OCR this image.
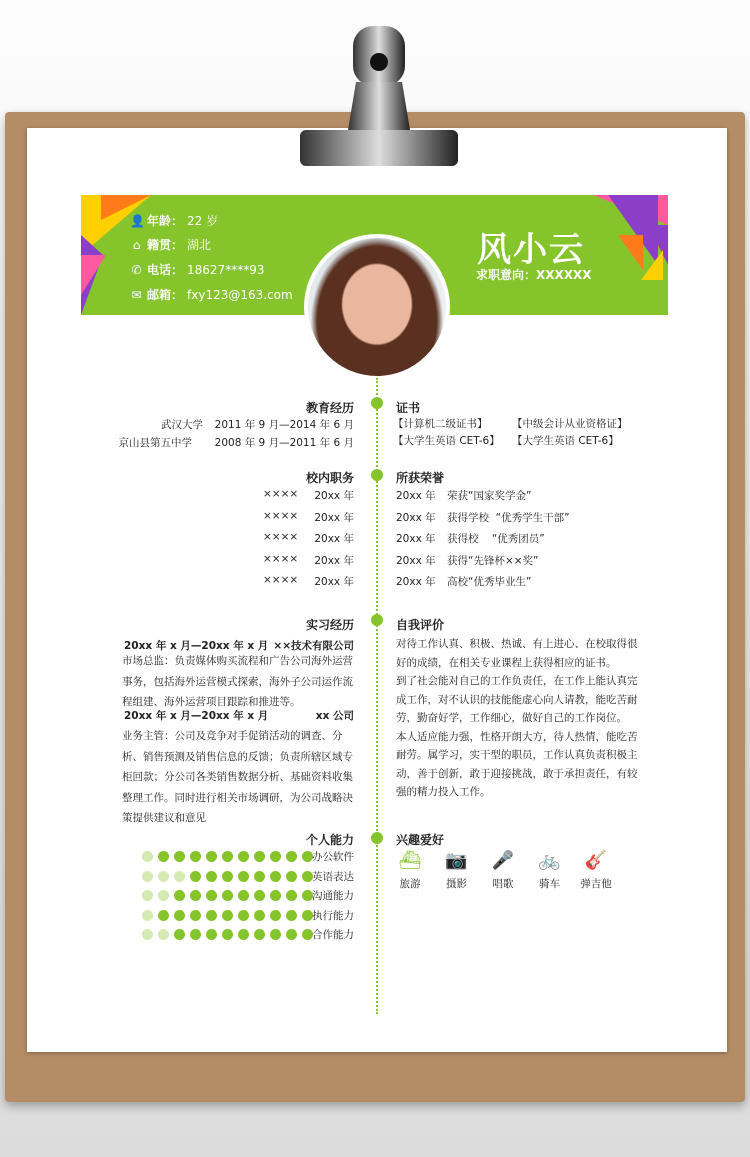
👤 年龄： 22 岁
⌂ 籍贯： 湖北
✆ 电话： 18627****93
✉ 邮箱： fxy123@163.com
风小云
求职意向：XXXXXX
教育经历
武汉大学 2011 年 9 月—2014 年 6 月
京山县第五中学 2008 年 9 月—2011 年 6 月
校内职务
证书
【计算机二级证书】 【中级会计从业资格证】
【大学生英语 CET-6】 【大学生英语 CET-6】
所获荣誉
实习经历
20xx 年 x 月—20xx 年 x 月 ××技术有限公司
市场总监：负责媒体购买流程和广告公司海外运营事务，包括海外运营模式探索，海外子公司运作流程组建、海外运营项目跟踪和推进等。
20xx 年 x 月—20xx 年 x 月	xx 公司
业务主管：公司及竞争对手促销活动的调查、分析、销售预测及销售信息的反馈；负责所辖区域专柜回款；分公司各类销售数据分析、基础资料收集整理工作。同时进行相关市场调研，为公司战略决策提供建议和意见
自我评价

对待工作认真、积极、热诚、有上进心、在校取得很好的成绩，在相关专业课程上获得相应的证书。

到了社会能对自己的工作负责任，在工作上能认真完成工作，对不认识的技能能虚心向人请教，能吃苦耐劳，勤奋好学，工作细心，做好自己的工作岗位。

本人适应能力强，性格开朗大方，待人热情，能吃苦耐劳。属学习，实干型的职员，工作认真负责积极主动，善于创新，敢于迎接挑战，敢于承担责任，有较强的精力投入工作。

个人能力	兴趣爱好
×××× 20xx 年
×××× 20xx 年
×××× 20xx 年
×××× 20xx 年
×××× 20xx 年
20xx 年 荣获“国家奖学金”
20xx 年 获得学校  “优秀学生干部”
20xx 年 获得校    “优秀团员”
20xx 年 获得“先锋杯××奖”
20xx 年 高校“优秀毕业生”
办公软件
英语表达
沟通能力
执行能力
合作能力
⛴
旅游
📷
摄影
🎤
唱歌
🚲
骑车
🎸
弹吉他
